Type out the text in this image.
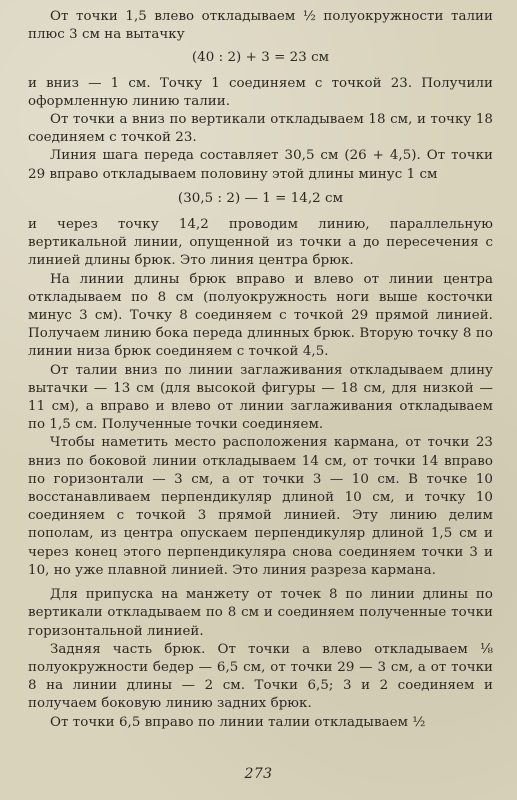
От точки 1,5 влево откладываем ½ полуокружности талии плюс 3 см на вытачку

(40 : 2) + 3 = 23 см

и вниз — 1 см. Точку 1 соединяем с точкой 23. Получили оформленную линию талии.

От точки а вниз по вертикали откладываем 18 см, и точку 18 соединяем с точкой 23.

Линия шага переда составляет 30,5 см (26 + 4,5). От точки 29 вправо откладываем половину этой длины минус 1 см

(30,5 : 2) — 1 = 14,2 см

и через точку 14,2 проводим линию, параллельную вертикальной линии, опущенной из точки а до пересечения с линией длины брюк. Это линия центра брюк.

На линии длины брюк вправо и влево от линии центра откладываем по 8 см (полуокружность ноги выше косточки минус 3 см). Точку 8 соединяем с точкой 29 прямой линией. Получаем линию бока переда длинных брюк. Вторую точку 8 по линии низа брюк соединяем с точкой 4,5.

От талии вниз по линии заглаживания откладываем длину вытачки — 13 см (для высокой фигуры — 18 см, для низкой — 11 см), а вправо и влево от линии заглаживания откладываем по 1,5 см. Полученные точки соединяем.

Чтобы наметить место расположения кармана, от точки 23 вниз по боковой линии откладываем 14 см, от точки 14 вправо по горизонтали — 3 см, а от точки 3 — 10 см. В точке 10 восстанавливаем перпендикуляр длиной 10 см, и точку 10 соединяем с точкой 3 прямой линией. Эту линию делим пополам, из центра опускаем перпендикуляр длиной 1,5 см и через конец этого перпендикуляра снова соединяем точки 3 и 10, но уже плавной линией. Это линия разреза кармана.

Для припуска на манжету от точек 8 по линии длины по вертикали откладываем по 8 см и соединяем полученные точки горизонтальной линией.

Задняя часть брюк. От точки а влево откладываем ⅛ полуокружности бедер — 6,5 см, от точки 29 — 3 см, а от точки 8 на линии длины — 2 см. Точки 6,5; 3 и 2 соединяем и получаем боковую линию задних брюк.

От точки 6,5 вправо по линии талии откладываем ½

273
